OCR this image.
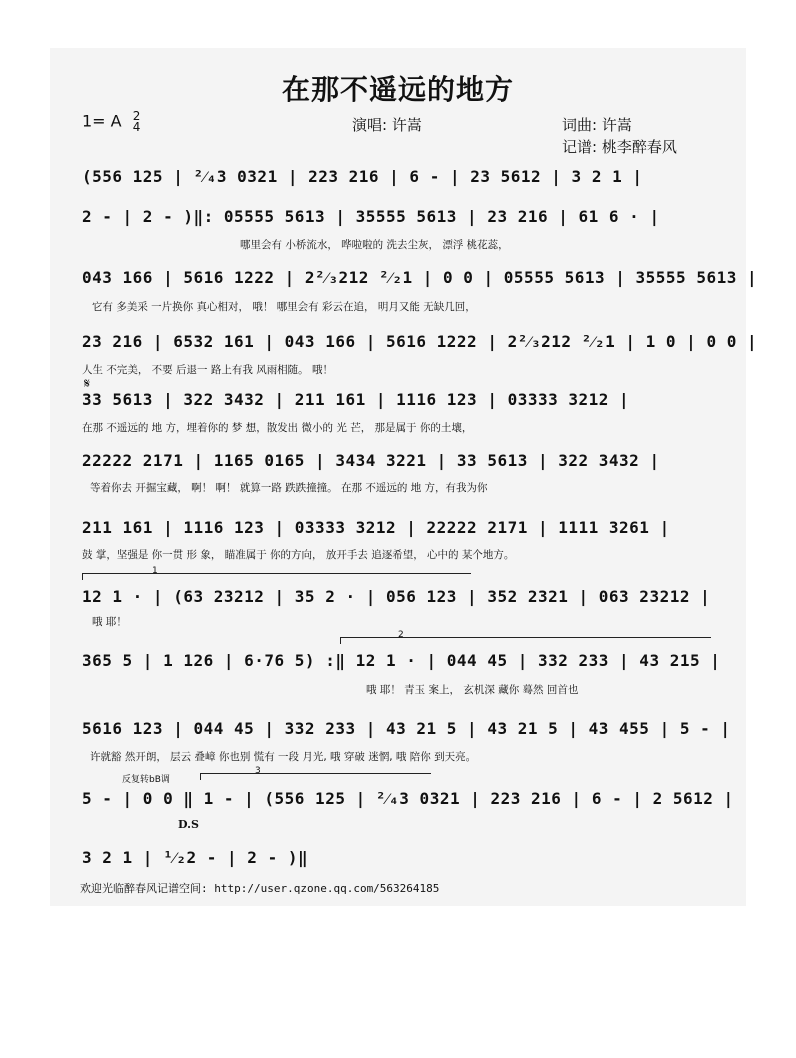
在那不遥远的地方
1= A 2
4	演唱: 许嵩	词曲: 许嵩
记谱: 桃李醉春风
(556 125 | ²⁄₄3 0321 | 223 216 | 6 - | 23 5612 | 3 2 1 |
2 - | 2 - )‖: 05555 5613 | 35555 5613 | 23 216 | 61 6 · |
哪里会有 小桥流水， 哗啦啦的 洗去尘灰， 漂浮 桃花蕊，
043 166 | 5616 1222 | 2²⁄₃212 ²⁄₂1 | 0 0 | 05555 5613 | 35555 5613 |
它有 多美采 一片换你 真心相对， 哦！ 哪里会有 彩云在追， 明月又能 无缺几回，
23 216 | 6532 161 | 043 166 | 5616 1222 | 2²⁄₃212 ²⁄₂1 | 1 0 | 0 0 |
人生 不完美， 不要 后退一 路上有我 风雨相随。 哦！
𝄋
33 5613 | 322 3432 | 211 161 | 1116 123 | 03333 3212 |
在那 不遥远的 地 方，埋着你的 梦 想，散发出 微小的 光 芒， 那是属于 你的土壤，
22222 2171 | 1165 0165 | 3434 3221 | 33 5613 | 322 3432 |
等着你去 开掘宝藏， 啊！ 啊！ 就算一路 跌跌撞撞。 在那 不遥远的 地 方，有我为你
211 161 | 1116 123 | 03333 3212 | 22222 2171 | 1111 3261 |
鼓 掌，坚强是 你一贯 形 象， 瞄准属于 你的方向， 放开手去 追逐希望， 心中的 某个地方。
1
12 1 · | (63 23212 | 35 2 · | 056 123 | 352 2321 | 063 23212 |
哦 耶！
2
365 5 | 1 126 | 6·76 5) :‖ 12 1 · | 044 45 | 332 233 | 43 215 |
哦 耶！ 青玉 案上， 玄机深 藏你 蓦然 回首也
5616 123 | 044 45 | 332 233 | 43 21 5 | 43 21 5 | 43 455 | 5 - |
许就豁 然开朗， 层云 叠嶂 你也别 慌有 一段 月光, 哦 穿破 迷惘, 哦 陪你 到天亮。
反复转bB调
3
5 - | 0 0 ‖ 1 - | (556 125 | ²⁄₄3 0321 | 223 216 | 6 - | 2 5612 |
D.S
3 2 1 | ¹⁄₂2 - | 2 - )‖
欢迎光临醉春风记谱空间: http://user.qzone.qq.com/563264185
